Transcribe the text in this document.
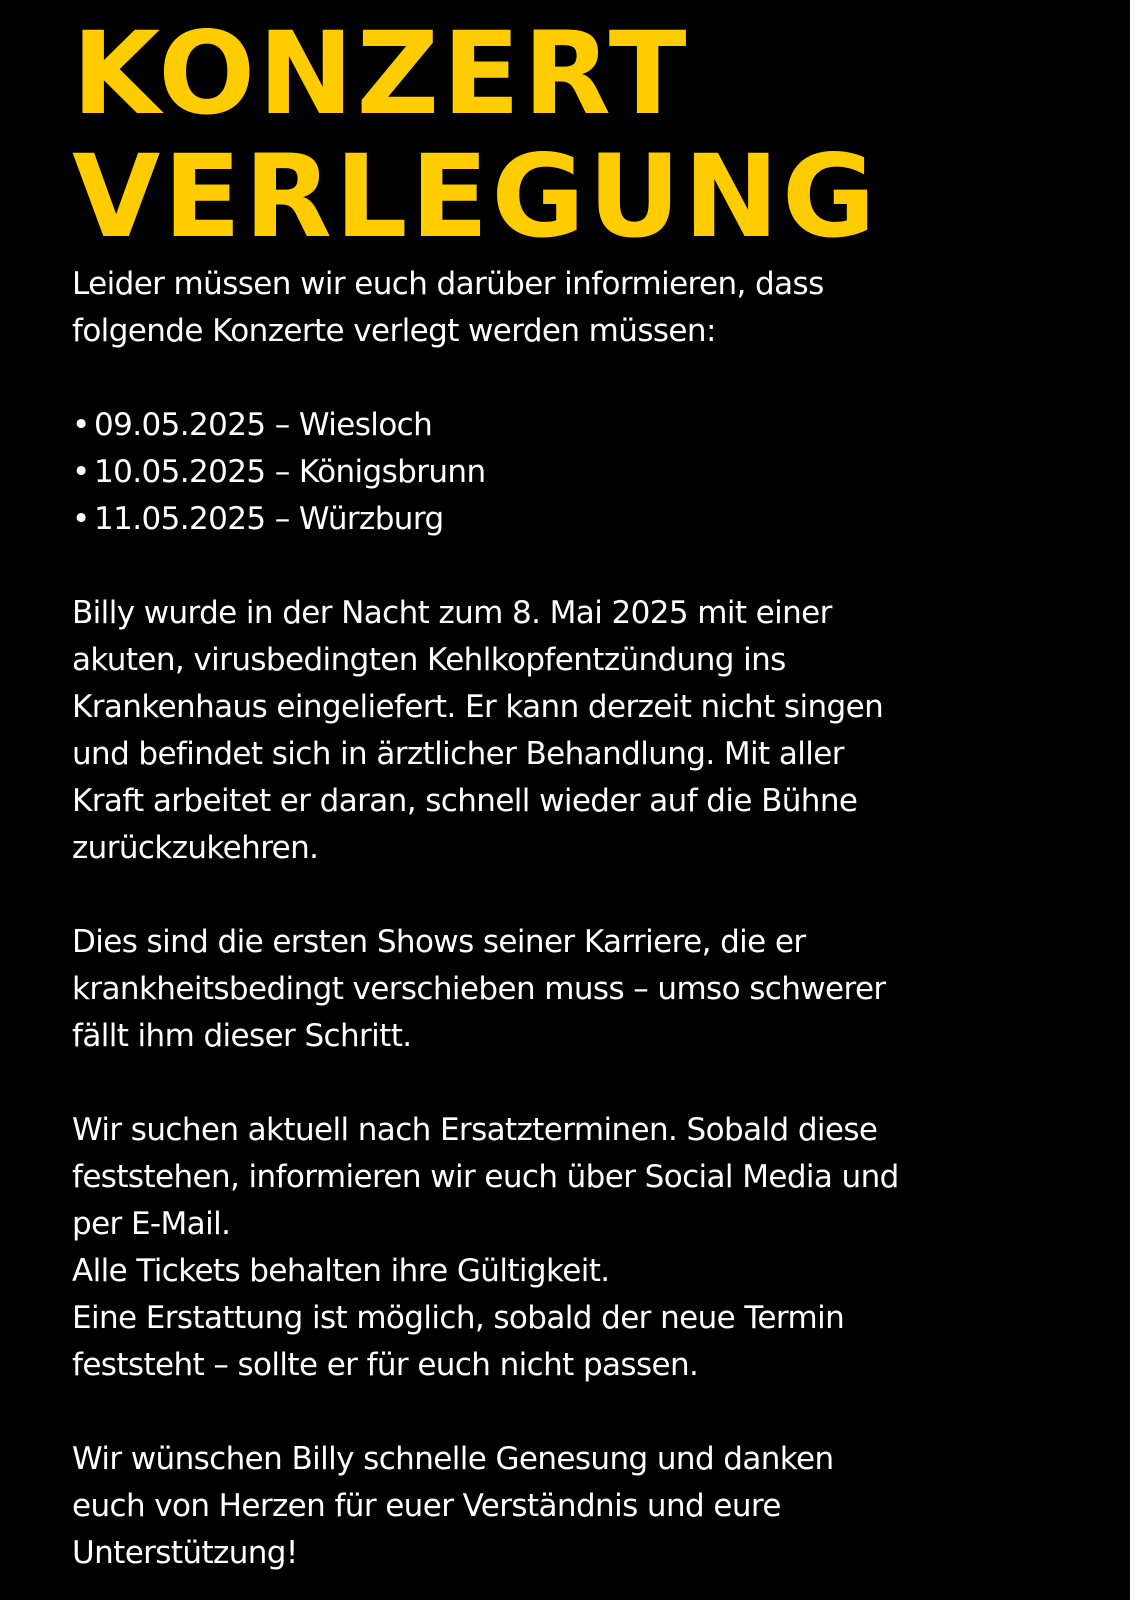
KONZERT
VERLEGUNG

Leider müssen wir euch darüber informieren, dass

folgende Konzerte verlegt werden müssen:

• 09.05.2025 – Wiesloch
• 10.05.2025 – Königsbrunn
• 11.05.2025 – Würzburg

Billy wurde in der Nacht zum 8. Mai 2025 mit einer

akuten, virusbedingten Kehlkopfentzündung ins

Krankenhaus eingeliefert. Er kann derzeit nicht singen

und befindet sich in ärztlicher Behandlung. Mit aller

Kraft arbeitet er daran, schnell wieder auf die Bühne

zurückzukehren.

Dies sind die ersten Shows seiner Karriere, die er

krankheitsbedingt verschieben muss – umso schwerer

fällt ihm dieser Schritt.

Wir suchen aktuell nach Ersatzterminen. Sobald diese

feststehen, informieren wir euch über Social Media und

per E-Mail.

Alle Tickets behalten ihre Gültigkeit.

Eine Erstattung ist möglich, sobald der neue Termin

feststeht – sollte er für euch nicht passen.

Wir wünschen Billy schnelle Genesung und danken

euch von Herzen für euer Verständnis und eure

Unterstützung!
